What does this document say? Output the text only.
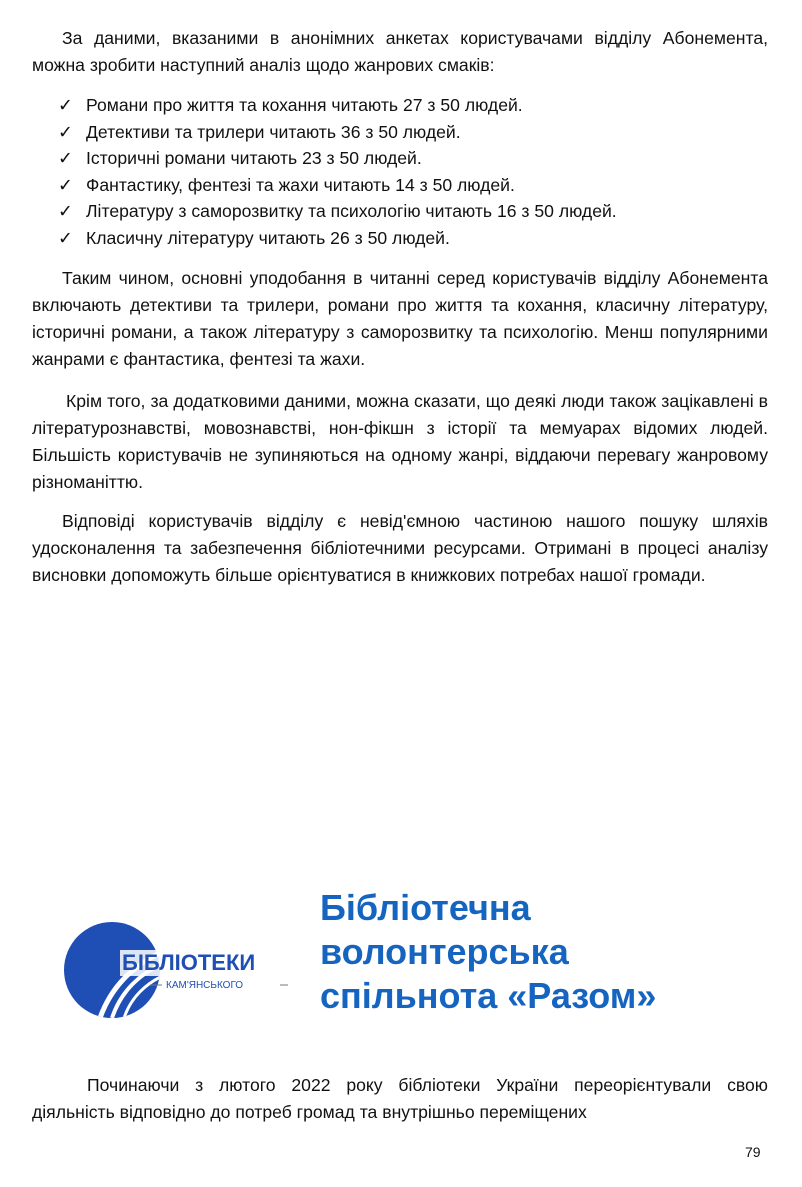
За даними, вказаними в анонімних анкетах користувачами відділу Абонемента, можна зробити наступний аналіз щодо жанрових смаків:

✓ Романи про життя та кохання читають 27 з 50 людей.
✓ Детективи та трилери читають 36 з 50 людей.
✓ Історичні романи читають 23 з 50 людей.
✓ Фантастику, фентезі та жахи читають 14 з 50 людей.
✓ Літературу з саморозвитку та психологію читають 16 з 50 людей.
✓ Класичну літературу читають 26 з 50 людей.

Таким чином, основні уподобання в читанні серед користувачів відділу Абонемента включають детективи та трилери, романи про життя та кохання, класичну літературу, історичні романи, а також літературу з саморозвитку та психологію. Менш популярними жанрами є фантастика, фентезі та жахи.

Крім того, за додатковими даними, можна сказати, що деякі люди також зацікавлені в літературознавстві, мовознавстві, нон-фікшн з історії та мемуарах відомих людей. Більшість користувачів не зупиняються на одному жанрі, віддаючи перевагу жанровому різноманіттю.

Відповіді користувачів відділу є невід'ємною частиною нашого пошуку шляхів удосконалення та забезпечення бібліотечними ресурсами. Отримані в процесі аналізу висновки допоможуть більше орієнтуватися в книжкових потребах нашої громади.

БІБЛІОТЕКИ
КАМ'ЯНСЬКОГО
Бібліотечна
волонтерська
спільнота «Разом»

Починаючи з лютого 2022 року бібліотеки України переорієнтували свою діяльність відповідно до потреб громад та внутрішньо переміщених

79
